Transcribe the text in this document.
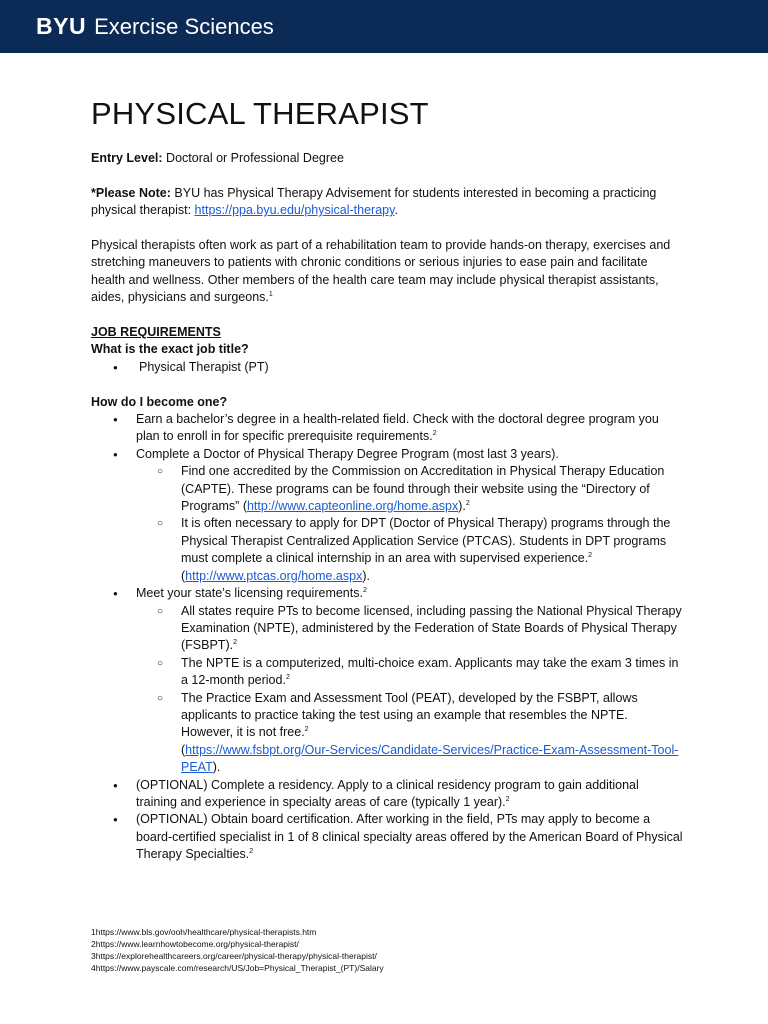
BYU Exercise Sciences
PHYSICAL THERAPIST

Entry Level: Doctoral or Professional Degree

*Please Note: BYU has Physical Therapy Advisement for students interested in becoming a practicing physical therapist: https://ppa.byu.edu/physical-therapy.

Physical therapists often work as part of a rehabilitation team to provide hands-on therapy, exercises and stretching maneuvers to patients with chronic conditions or serious injuries to ease pain and facilitate health and wellness. Other members of the health care team may include physical therapist assistants, aides, physicians and surgeons.$^1$

JOB REQUIREMENTS

What is the exact job title?

● Physical Therapist (PT)

How do I become one?

● Earn a bachelor’s degree in a health-related field. Check with the doctoral degree program you plan to enroll in for specific prerequisite requirements.$^2$
● Complete a Doctor of Physical Therapy Degree Program (most last 3 years).
○ Find one accredited by the Commission on Accreditation in Physical Therapy Education (CAPTE). These programs can be found through their website using the “Directory of Programs” (http://www.capteonline.org/home.aspx).$^2$
○ It is often necessary to apply for DPT (Doctor of Physical Therapy) programs through the Physical Therapist Centralized Application Service (PTCAS). Students in DPT programs must complete a clinical internship in an area with supervised experience.$^2$
(http://www.ptcas.org/home.aspx).
● Meet your state’s licensing requirements.$^2$
○ All states require PTs to become licensed, including passing the National Physical Therapy Examination (NPTE), administered by the Federation of State Boards of Physical Therapy (FSBPT).$^2$
○ The NPTE is a computerized, multi-choice exam. Applicants may take the exam 3 times in a 12-month period.$^2$
○ The Practice Exam and Assessment Tool (PEAT), developed by the FSBPT, allows applicants to practice taking the test using an example that resembles the NPTE. However, it is not free.$^2$
(https://www.fsbpt.org/Our-Services/Candidate-Services/Practice-Exam-Assessment-Tool-PEAT).
● (OPTIONAL) Complete a residency. Apply to a clinical residency program to gain additional training and experience in specialty areas of care (typically 1 year).$^2$
● (OPTIONAL) Obtain board certification. After working in the field, PTs may apply to become a board-certified specialist in 1 of 8 clinical specialty areas offered by the American Board of Physical Therapy Specialties.$^2$
1https://www.bls.gov/ooh/healthcare/physical-therapists.htm
2https://www.learnhowtobecome.org/physical-therapist/
3https://explorehealthcareers.org/career/physical-therapy/physical-therapist/
4https://www.payscale.com/research/US/Job=Physical_Therapist_(PT)/Salary
